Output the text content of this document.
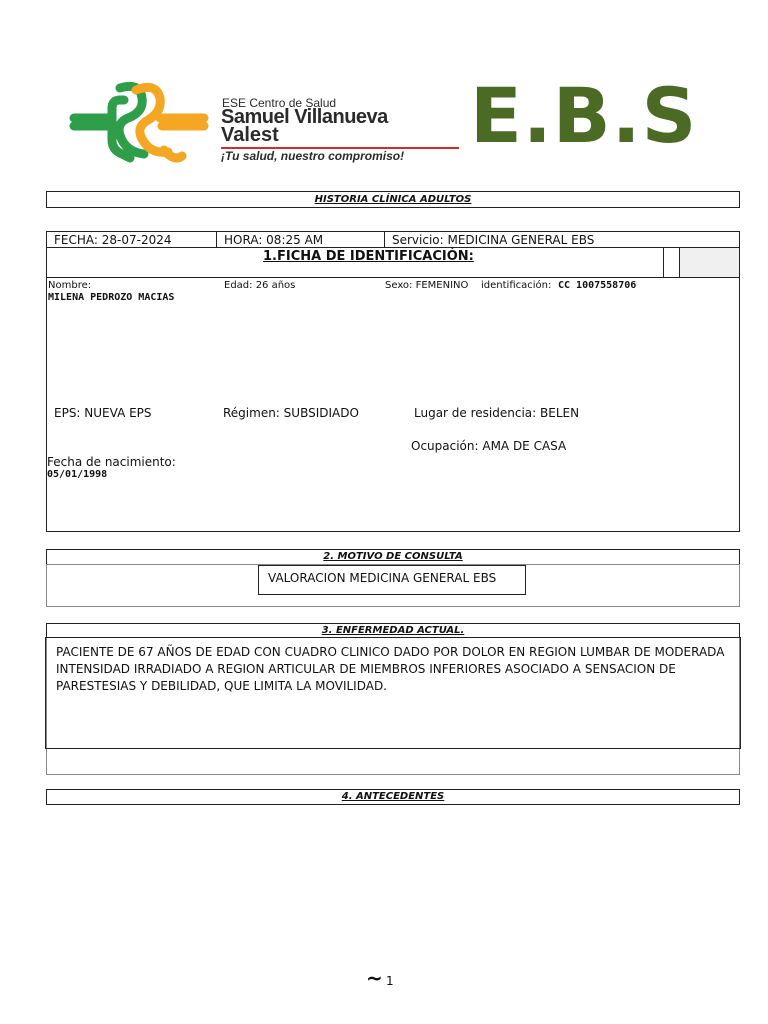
ESE Centro de Salud
Samuel Villanueva
Valest
¡Tu salud, nuestro compromiso! E.B.S
HISTORIA CLÍNICA ADULTOS
FECHA: 28-07-2024	HORA: 08:25 AM	Servicio: MEDICINA GENERAL EBS
1.FICHA DE IDENTIFICACIÓN:
Nombre:
MILENA PEDROZO MACIAS
Edad: 26 años	Sexo: FEMENINO identificación: CC 1007558706
EPS: NUEVA EPS	Régimen: SUBSIDIADO	Lugar de residencia: BELEN
Ocupación: AMA DE CASA
Fecha de nacimiento:
05/01/1998
2. MOTIVO DE CONSULTA
VALORACION MEDICINA GENERAL EBS
3. ENFERMEDAD ACTUAL.
PACIENTE DE 67 AÑOS DE EDAD CON CUADRO CLINICO DADO POR DOLOR EN REGION LUMBAR DE MODERADA INTENSIDAD IRRADIADO A REGION ARTICULAR DE MIEMBROS INFERIORES ASOCIADO A SENSACION DE PARESTESIAS Y DEBILIDAD, QUE LIMITA LA MOVILIDAD.
4. ANTECEDENTES
~ 1
